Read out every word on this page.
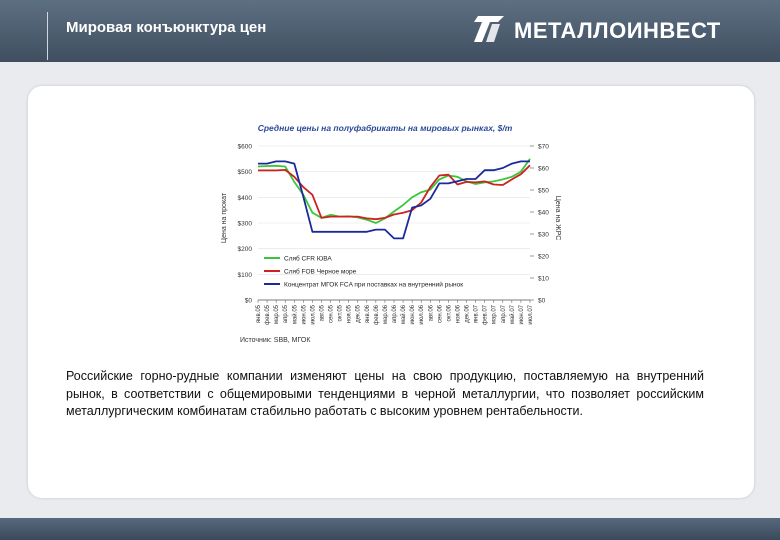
Мировая конъюнктура цен	МЕТАЛЛОИНВЕСТ
Средние цены на полуфабрикаты на мировых рынках, $/т
$0
$100
$200
$300
$400
$500
$600
$0
$10
$20
$30
$40
$50
$60
$70
Цена на прокат	Цена на ЖРС
Сляб CFR ЮВА
Сляб FOB Черное море
Концентрат МГОК FCA при поставках на внутренний рынок
янв.05 фев.05 мар.05 апр.05 май.05 июн.05 июл.05 авг.05 сен.05 окт.05 ноя.05 дек.05 янв.06 фев.06 мар.06 апр.06 май.06 июн.06 июл.06 авг.06 сен.06 окт.06 ноя.06 дек.06 янв.07 фев.07 мар.07 апр.07 май.07 июн.07 июл.07
Источник: SBB, МГОК
Российские горно-рудные компании изменяют цены на свою продукцию, поставляемую на внутренний рынок, в соответствии с общемировыми тенденциями в черной металлургии, что позволяет российским металлургическим комбинатам стабильно работать с высоким уровнем рентабельности.
